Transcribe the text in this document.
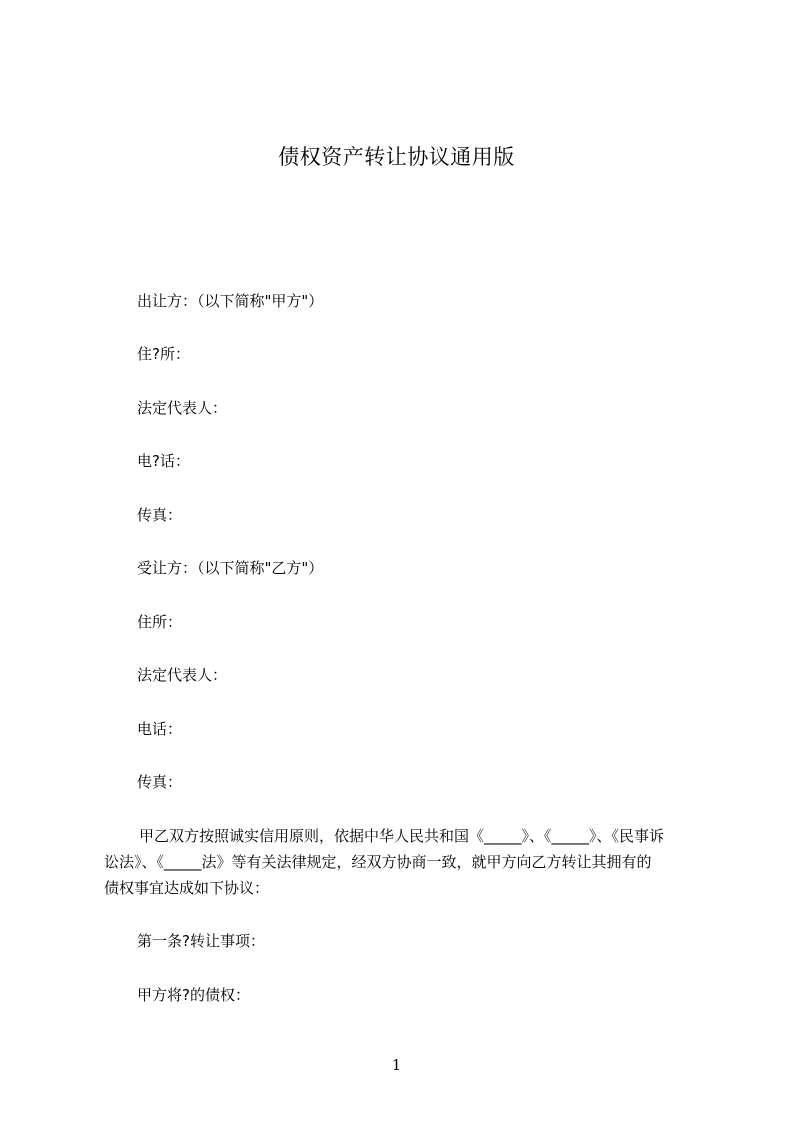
债权资产转让协议通用版
出让方：（以下简称"甲方"）
住?所：
法定代表人：
电?话：
传真：
受让方：（以下简称"乙方"）
住所：
法定代表人：
电话：
传真：
甲乙双方按照诚实信用原则，依据中华人民共和国《_____》、《_____》、《民事诉
讼法》、《_____法》等有关法律规定，经双方协商一致，就甲方向乙方转让其拥有的
债权事宜达成如下协议：
第一条?转让事项：
甲方将?的债权：
1
